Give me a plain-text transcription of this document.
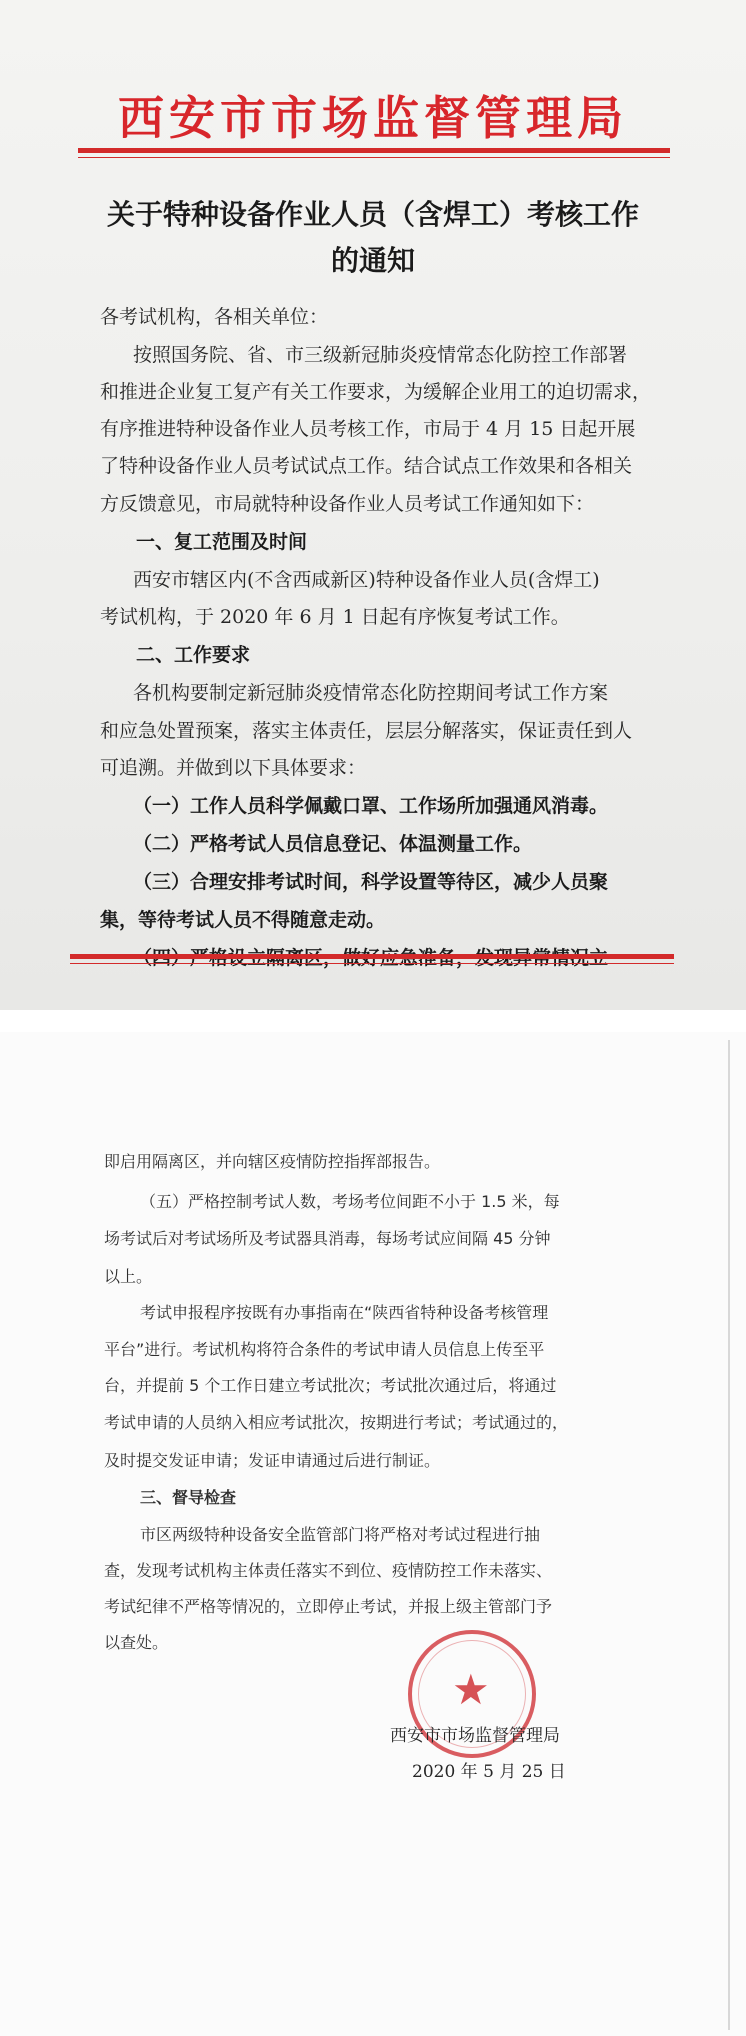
西安市市场监督管理局
关于特种设备作业人员（含焊工）考核工作
的通知
各考试机构，各相关单位：
按照国务院、省、市三级新冠肺炎疫情常态化防控工作部署
和推进企业复工复产有关工作要求，为缓解企业用工的迫切需求，
有序推进特种设备作业人员考核工作，市局于 4 月 15 日起开展
了特种设备作业人员考试试点工作。结合试点工作效果和各相关
方反馈意见，市局就特种设备作业人员考试工作通知如下：
一、复工范围及时间
西安市辖区内(不含西咸新区)特种设备作业人员(含焊工)
考试机构，于 2020 年 6 月 1 日起有序恢复考试工作。
二、工作要求
各机构要制定新冠肺炎疫情常态化防控期间考试工作方案
和应急处置预案，落实主体责任，层层分解落实，保证责任到人
可追溯。并做到以下具体要求：
（一）工作人员科学佩戴口罩、工作场所加强通风消毒。
（二）严格考试人员信息登记、体温测量工作。
（三）合理安排考试时间，科学设置等待区，减少人员聚
集，等待考试人员不得随意走动。
即启用隔离区，并向辖区疫情防控指挥部报告。
（五）严格控制考试人数，考场考位间距不小于 1.5 米，每
场考试后对考试场所及考试器具消毒，每场考试应间隔 45 分钟
以上。
考试申报程序按既有办事指南在“陕西省特种设备考核管理
平台”进行。考试机构将符合条件的考试申请人员信息上传至平
台，并提前 5 个工作日建立考试批次；考试批次通过后，将通过
考试申请的人员纳入相应考试批次，按期进行考试；考试通过的，
及时提交发证申请；发证申请通过后进行制证。
三、督导检查
市区两级特种设备安全监管部门将严格对考试过程进行抽
查，发现考试机构主体责任落实不到位、疫情防控工作未落实、
考试纪律不严格等情况的，立即停止考试，并报上级主管部门予
以查处。
★
西安市市场监督管理局
2020 年 5 月 25 日
